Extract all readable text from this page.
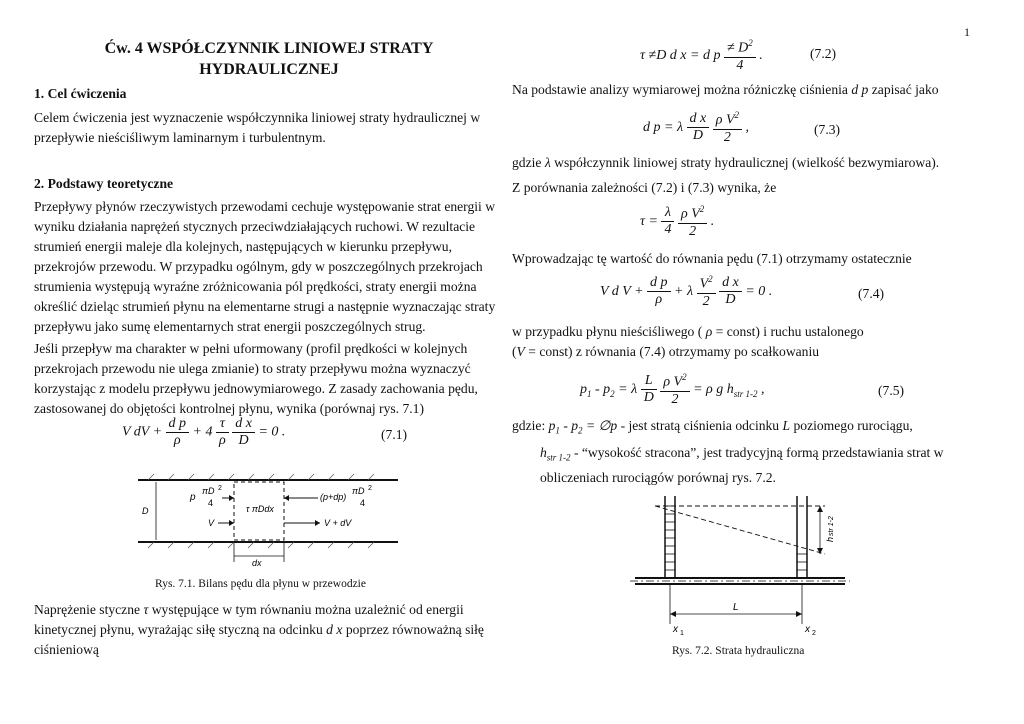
1
Ćw. 4 WSPÓŁCZYNNIK LINIOWEJ STRATY
HYDRAULICZNEJ
1. Cel ćwiczenia
Celem ćwiczenia jest wyznaczenie współczynnika liniowej straty hydraulicznej w przepływie nieściśliwym laminarnym i turbulentnym.
2. Podstawy teoretyczne
Przepływy płynów rzeczywistych przewodami cechuje występowanie strat energii w wyniku działania naprężeń stycznych przeciwdziałających ruchowi. W rezultacie strumień energii maleje dla kolejnych, następujących w kierunku przepływu, przekrojów przewodu. W przypadku ogólnym, gdy w poszczególnych przekrojach strumienia występują wyraźne zróżnicowania pól prędkości, straty energii można określić dzieląc strumień płynu na elementarne strugi a następnie wyznaczając straty przepływu jako sumę elementarnych strat energii poszczególnych strug.
Jeśli przepływ ma charakter w pełni uformowany (profil prędkości w kolejnych przekrojach przewodu nie ulega zmianie) to straty przepływu można wyznaczyć korzystając z modelu przepływu jednowymiarowego. Z zasady zachowania pędu, zastosowanej do objętości kontrolnej płynu, wynika (porównaj rys. 7.1)
V dV + $\frac{\text{d p}}{\rho} + 4 \frac{\tau}{\rho}$
$\frac{\text{d x}}{D} = 0$ .	(7.1)
D
p
πD 2
4
τ πDdx
(p+dp)
πD 2
4
V	V + dV
dx
Rys. 7.1. Bilans pędu dla płynu w przewodzie
Naprężenie styczne τ występujące w tym równaniu można uzależnić od energii kinetycznej płynu, wyrażając siłę styczną na odcinku d x poprzez równoważną siłę ciśnieniową
τ ≠D d x = d p $\frac{\ne D^2}{4}$ .	(7.2)
Na podstawie analizy wymiarowej można różniczkę ciśnienia d p zapisać jako
d p = λ $\frac{\text{d x}}{D}$
$\frac{\rho V^2}{2}$ ,	(7.3)
gdzie λ współczynnik liniowej straty hydraulicznej (wielkość bezwymiarowa).
Z porównania zależności (7.2) i (7.3) wynika, że
$\tau = \frac{\lambda}{4}$
$\frac{\rho V^2}{2}$ .
Wprowadzając tę wartość do równania pędu (7.1) otrzymamy ostatecznie
V d $V + \frac{\text{d p}}{\rho} + \lambda \frac{V^2}{2}$
$\frac{\text{d x}}{D} = 0$ .	(7.4)
w przypadku płynu nieściśliwego ( ρ = const) i ruchu ustalonego
(V = const) z równania (7.4) otrzymamy po scałkowaniu
$p_1 - p_2 = \lambda \frac{L}{D}$
$\frac{\rho V^2}{2} = \rho$ g $h_{str 1-2}$ ,	(7.5)
gdzie: $p_1 - p_2$ = ∅p - jest stratą ciśnienia odcinku L poziomego rurociągu,
$h_{str 1-2}$ - “wysokość stracona”, jest tradycyjną formą przedstawiania strat w obliczeniach rurociągów porównaj rys. 7.2.
h
str 1-2
L
x 1	x 2
Rys. 7.2. Strata hydrauliczna
